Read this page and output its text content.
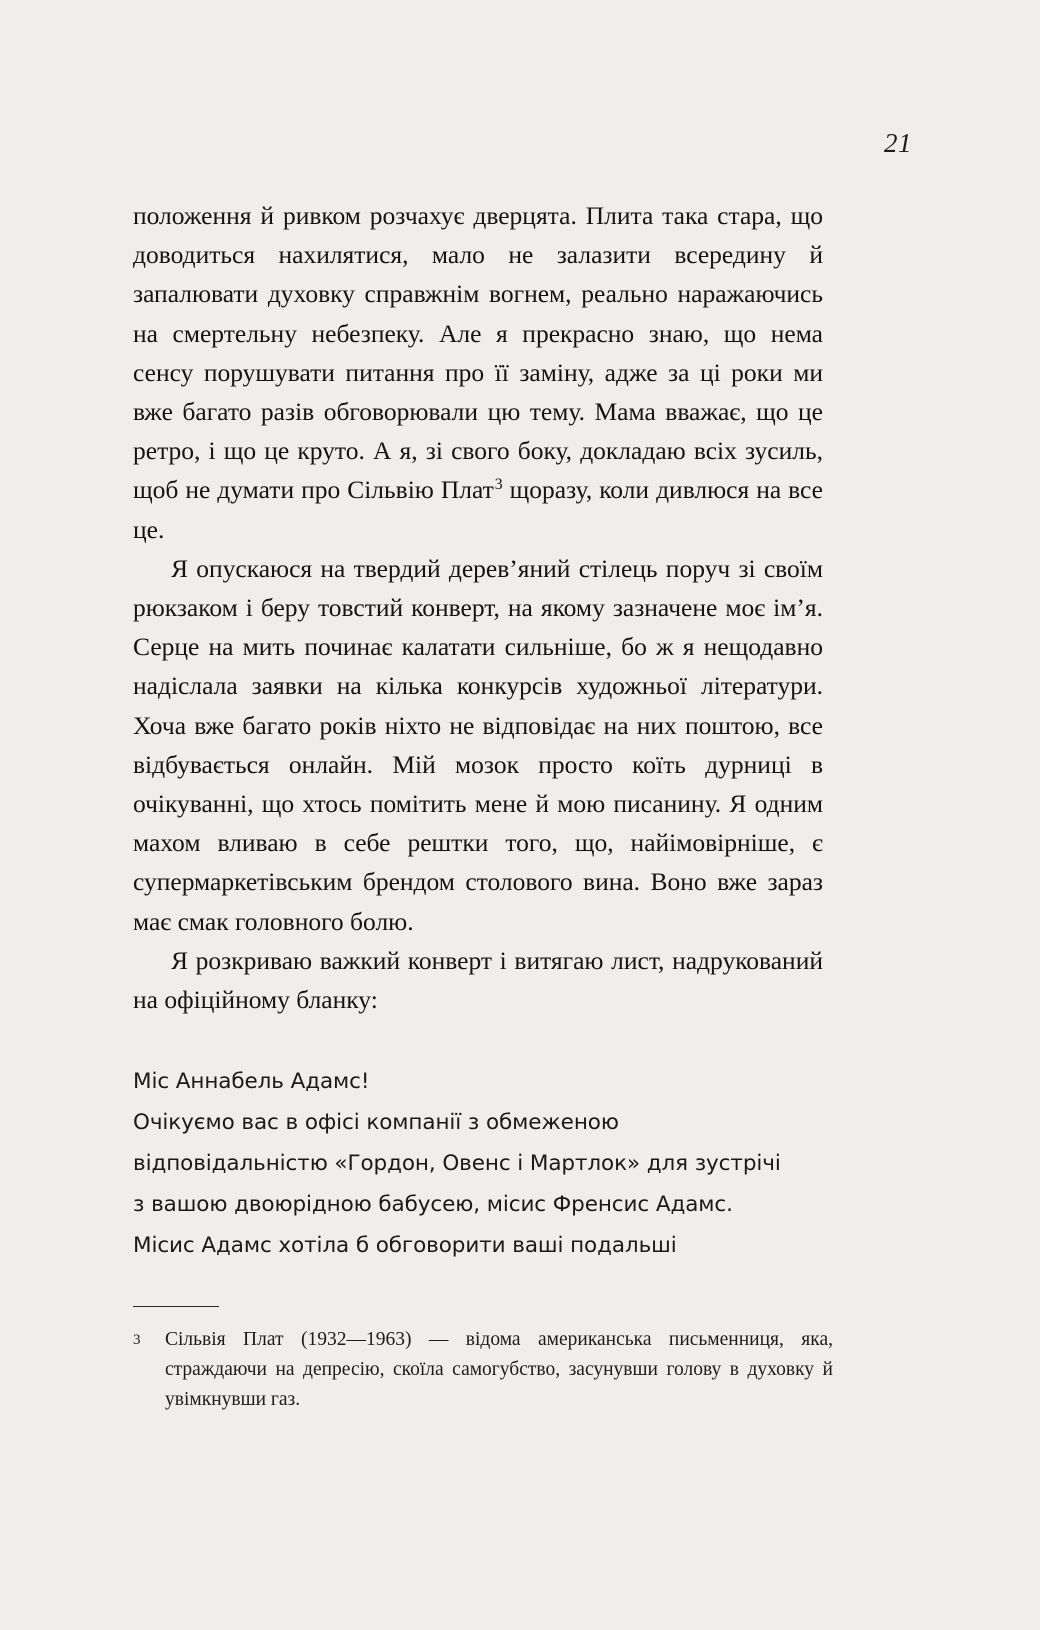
21

положення й ривком розчахує дверцята. Плита така стара, що доводиться нахилятися, мало не залазити всередину й запалювати духовку справжнім вогнем, реально наражаючись на смертельну небезпеку. Але я прекрасно знаю, що нема сенсу порушувати питання про її заміну, адже за ці роки ми вже багато разів обговорювали цю тему. Мама вважає, що це ретро, і що це круто. А я, зі свого боку, докладаю всіх зусиль, щоб не думати про Сільвію Плат$^3$ щоразу, коли дивлюся на все це.

Я опускаюся на твердий дерев’яний стілець поруч зі своїм рюкзаком і беру товстий конверт, на якому зазначене моє ім’я. Серце на мить починає калатати сильніше, бо ж я нещодавно надіслала заявки на кілька конкурсів художньої літератури. Хоча вже багато років ніхто не відповідає на них поштою, все відбувається онлайн. Мій мозок просто коїть дурниці в очікуванні, що хтось помітить мене й мою писанину. Я одним махом вливаю в себе рештки того, що, найімовірніше, є супермаркетівським брендом столового вина. Воно вже зараз має смак головного болю.

Я розкриваю важкий конверт і витягаю лист, надрукований на офіційному бланку:

Міс Аннабель Адамс!

Очікуємо вас в офісі компанії з обмеженою відповідальністю «Гордон, Овенс і Мартлок» для зустрічі з вашою двоюрідною бабусею, місис Френсис Адамс. Місис Адамс хотіла б обговорити ваші подальші

3	Сільвія Плат (1932—1963) — відома американська письменниця, яка, страждаючи на депресію, скоїла самогубство, засунувши голову в духовку й увімкнувши газ.
